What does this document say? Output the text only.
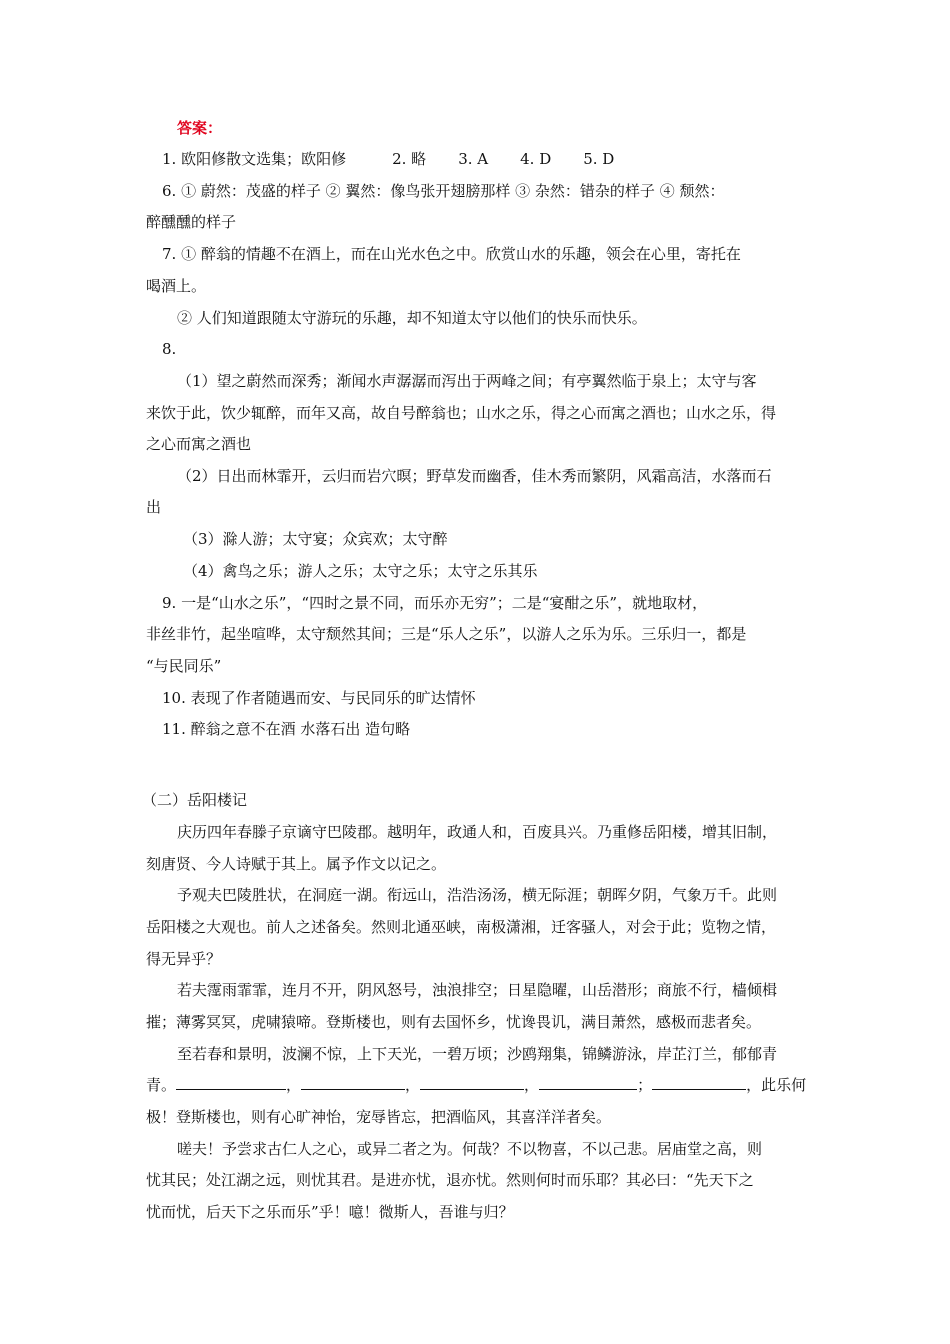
答案：
1. 欧阳修散文选集；欧阳修	2. 略 3. A 4. D 5. D
6. ① 蔚然：茂盛的样子 ② 翼然：像鸟张开翅膀那样 ③ 杂然：错杂的样子 ④ 颓然：
醉醺醺的样子
7. ① 醉翁的情趣不在酒上，而在山光水色之中。欣赏山水的乐趣，领会在心里，寄托在
喝酒上。
② 人们知道跟随太守游玩的乐趣，却不知道太守以他们的快乐而快乐。
8.
（1）望之蔚然而深秀；渐闻水声潺潺而泻出于两峰之间；有亭翼然临于泉上；太守与客
来饮于此，饮少辄醉，而年又高，故自号醉翁也；山水之乐，得之心而寓之酒也；山水之乐，得
之心而寓之酒也
（2）日出而林霏开，云归而岩穴暝；野草发而幽香，佳木秀而繁阴，风霜高洁，水落而石
出
（3）滁人游；太守宴；众宾欢；太守醉
（4）禽鸟之乐；游人之乐；太守之乐；太守之乐其乐
9. 一是“山水之乐”，“四时之景不同，而乐亦无穷”；二是“宴酣之乐”，就地取材，
非丝非竹，起坐喧哗，太守颓然其间；三是“乐人之乐”，以游人之乐为乐。三乐归一，都是
“与民同乐”
10. 表现了作者随遇而安、与民同乐的旷达情怀
11. 醉翁之意不在酒 水落石出 造句略
（二）岳阳楼记
庆历四年春滕子京谪守巴陵郡。越明年，政通人和，百废具兴。乃重修岳阳楼，增其旧制，
刻唐贤、今人诗赋于其上。属予作文以记之。
予观夫巴陵胜状，在洞庭一湖。衔远山，浩浩汤汤，横无际涯；朝晖夕阴，气象万千。此则
岳阳楼之大观也。前人之述备矣。然则北通巫峡，南极潇湘，迁客骚人，对会于此；览物之情，
得无异乎？
若夫霪雨霏霏，连月不开，阴风怒号，浊浪排空；日星隐曜，山岳潜形；商旅不行，樯倾楫
摧；薄雾冥冥，虎啸猿啼。登斯楼也，则有去国怀乡，忧谗畏讥，满目萧然，感极而悲者矣。
至若春和景明，波澜不惊，上下天光，一碧万顷；沙鸥翔集，锦鳞游泳，岸芷汀兰，郁郁青
青。	，	，	，	；	，此乐何
极！登斯楼也，则有心旷神怡，宠辱皆忘，把酒临风，其喜洋洋者矣。
嗟夫！予尝求古仁人之心，或异二者之为。何哉？不以物喜，不以己悲。居庙堂之高，则
忧其民；处江湖之远，则忧其君。是进亦忧，退亦忧。然则何时而乐耶？其必曰：“先天下之
忧而忧，后天下之乐而乐”乎！噫！微斯人，吾谁与归？
